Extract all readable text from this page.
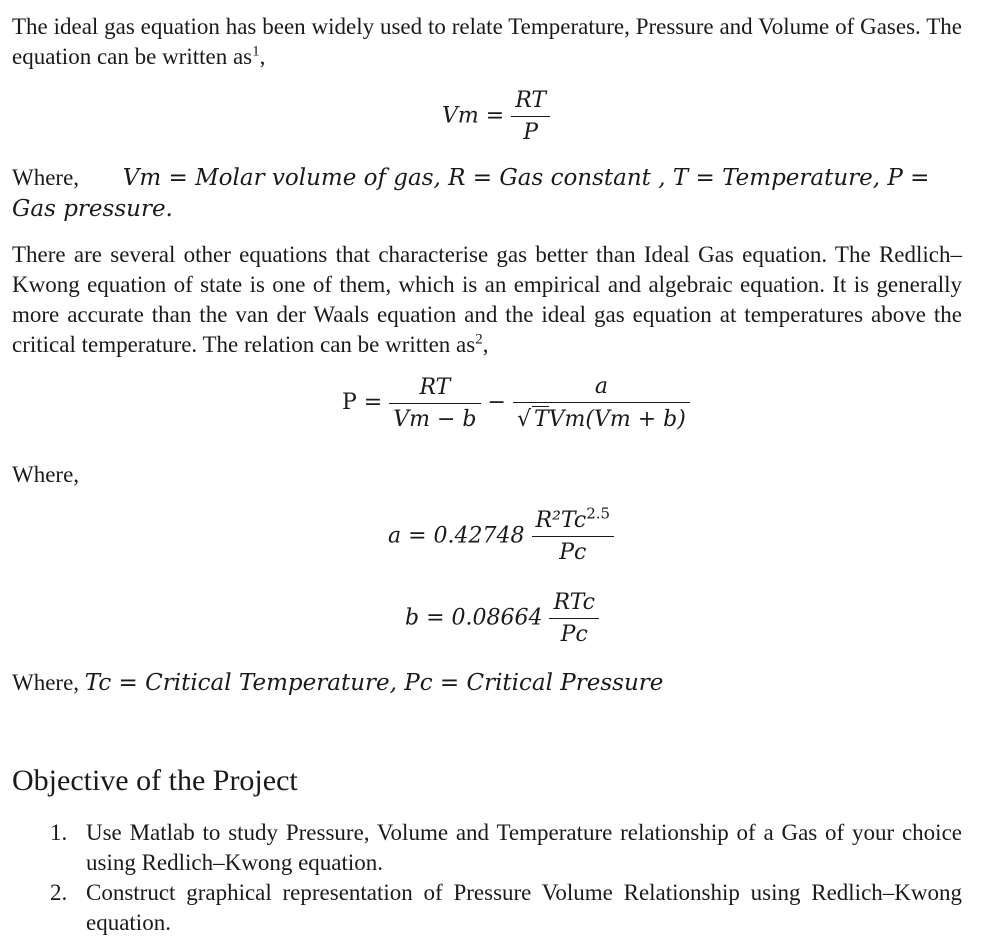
The ideal gas equation has been widely used to relate Temperature, Pressure and Volume of Gases. The equation can be written $as^1$,
$Vm = \frac{RT}{P}$
Where, Vm = Molar volume of gas, R = Gas constant , T = Temperature, P =
Gas pressure.
There are several other equations that characterise gas better than Ideal Gas equation. The Redlich–Kwong equation of state is one of them, which is an empirical and algebraic equation. It is generally more accurate than the van der Waals equation and the ideal gas equation at temperatures above the critical temperature. The relation can be written $as^2$,
$P = \frac{RT}{Vm - b} - \frac{a}{\text{√ TVm(Vm + b)}}$
Where,
$a = 0.42748 \frac{R^2Tc^{2.5}}{Pc}$
$b = 0.08664 \frac{\text{RTc}}{Pc}$
Where, Tc = Critical Temperature, Pc = Critical Pressure
Objective of the Project
1. Use Matlab to study Pressure, Volume and Temperature relationship of a Gas of your choice using Redlich–Kwong equation.
2. Construct graphical representation of Pressure Volume Relationship using Redlich–Kwong equation.
